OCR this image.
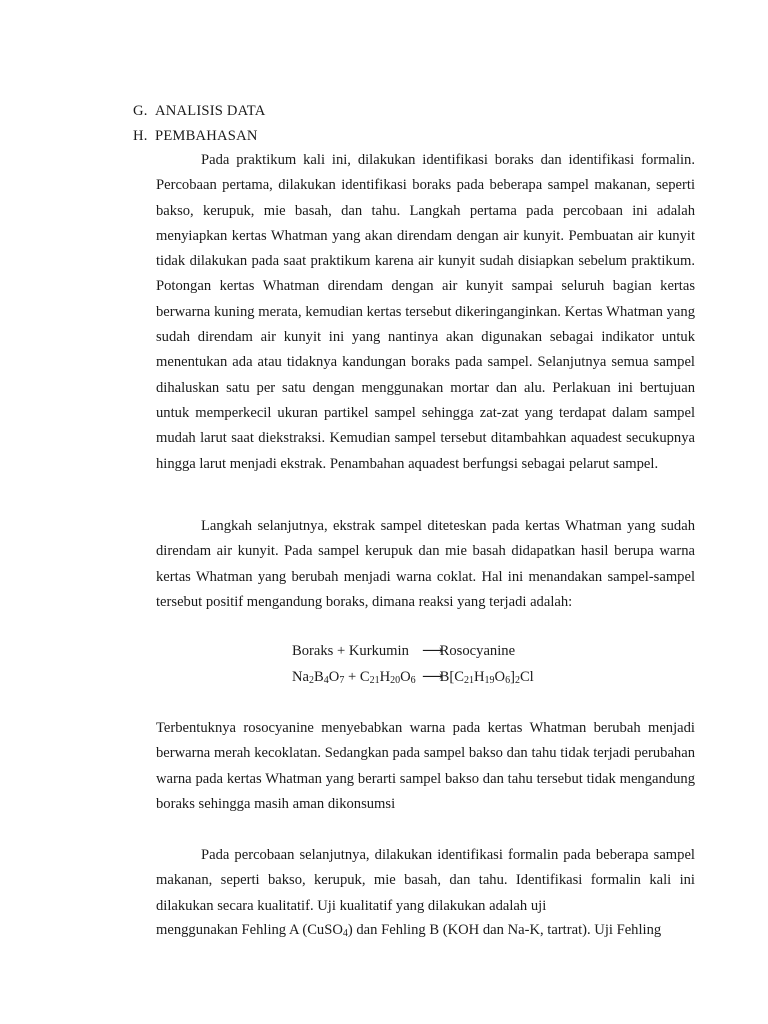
G. ANALISIS DATA
H. PEMBAHASAN

Pada praktikum kali ini, dilakukan identifikasi boraks dan identifikasi formalin. Percobaan pertama, dilakukan identifikasi boraks pada beberapa sampel makanan, seperti bakso, kerupuk, mie basah, dan tahu. Langkah pertama pada percobaan ini adalah menyiapkan kertas Whatman yang akan direndam dengan air kunyit. Pembuatan air kunyit tidak dilakukan pada saat praktikum karena air kunyit sudah disiapkan sebelum praktikum. Potongan kertas Whatman direndam dengan air kunyit sampai seluruh bagian kertas berwarna kuning merata, kemudian kertas tersebut dikeringanginkan. Kertas Whatman yang sudah direndam air kunyit ini yang nantinya akan digunakan sebagai indikator untuk menentukan ada atau tidaknya kandungan boraks pada sampel. Selanjutnya semua sampel dihaluskan satu per satu dengan menggunakan mortar dan alu. Perlakuan ini bertujuan untuk memperkecil ukuran partikel sampel sehingga zat-zat yang terdapat dalam sampel mudah larut saat diekstraksi. Kemudian sampel tersebut ditambahkan aquadest secukupnya hingga larut menjadi ekstrak. Penambahan aquadest berfungsi sebagai pelarut sampel.

Langkah selanjutnya, ekstrak sampel diteteskan pada kertas Whatman yang sudah direndam air kunyit. Pada sampel kerupuk dan mie basah didapatkan hasil berupa warna kertas Whatman yang berubah menjadi warna coklat. Hal ini menandakan sampel-sampel tersebut positif mengandung boraks, dimana reaksi yang terjadi adalah:

Boraks + Kurkumin ⟶ Rosocyanine
$Na_2B_4O_7 + C_{21}H_{20}O_6$ ⟶ $B[C_{21}H_{19}O_6]_2Cl$

Terbentuknya rosocyanine menyebabkan warna pada kertas Whatman berubah menjadi berwarna merah kecoklatan. Sedangkan pada sampel bakso dan tahu tidak terjadi perubahan warna pada kertas Whatman yang berarti sampel bakso dan tahu tersebut tidak mengandung boraks sehingga masih aman dikonsumsi

Pada percobaan selanjutnya, dilakukan identifikasi formalin pada beberapa sampel makanan, seperti bakso, kerupuk, mie basah, dan tahu. Identifikasi formalin kali ini dilakukan secara kualitatif. Uji kualitatif yang dilakukan adalah uji

menggunakan Fehling A (CuSO$_4$) dan Fehling B (KOH dan Na-K, tartrat). Uji Fehling
